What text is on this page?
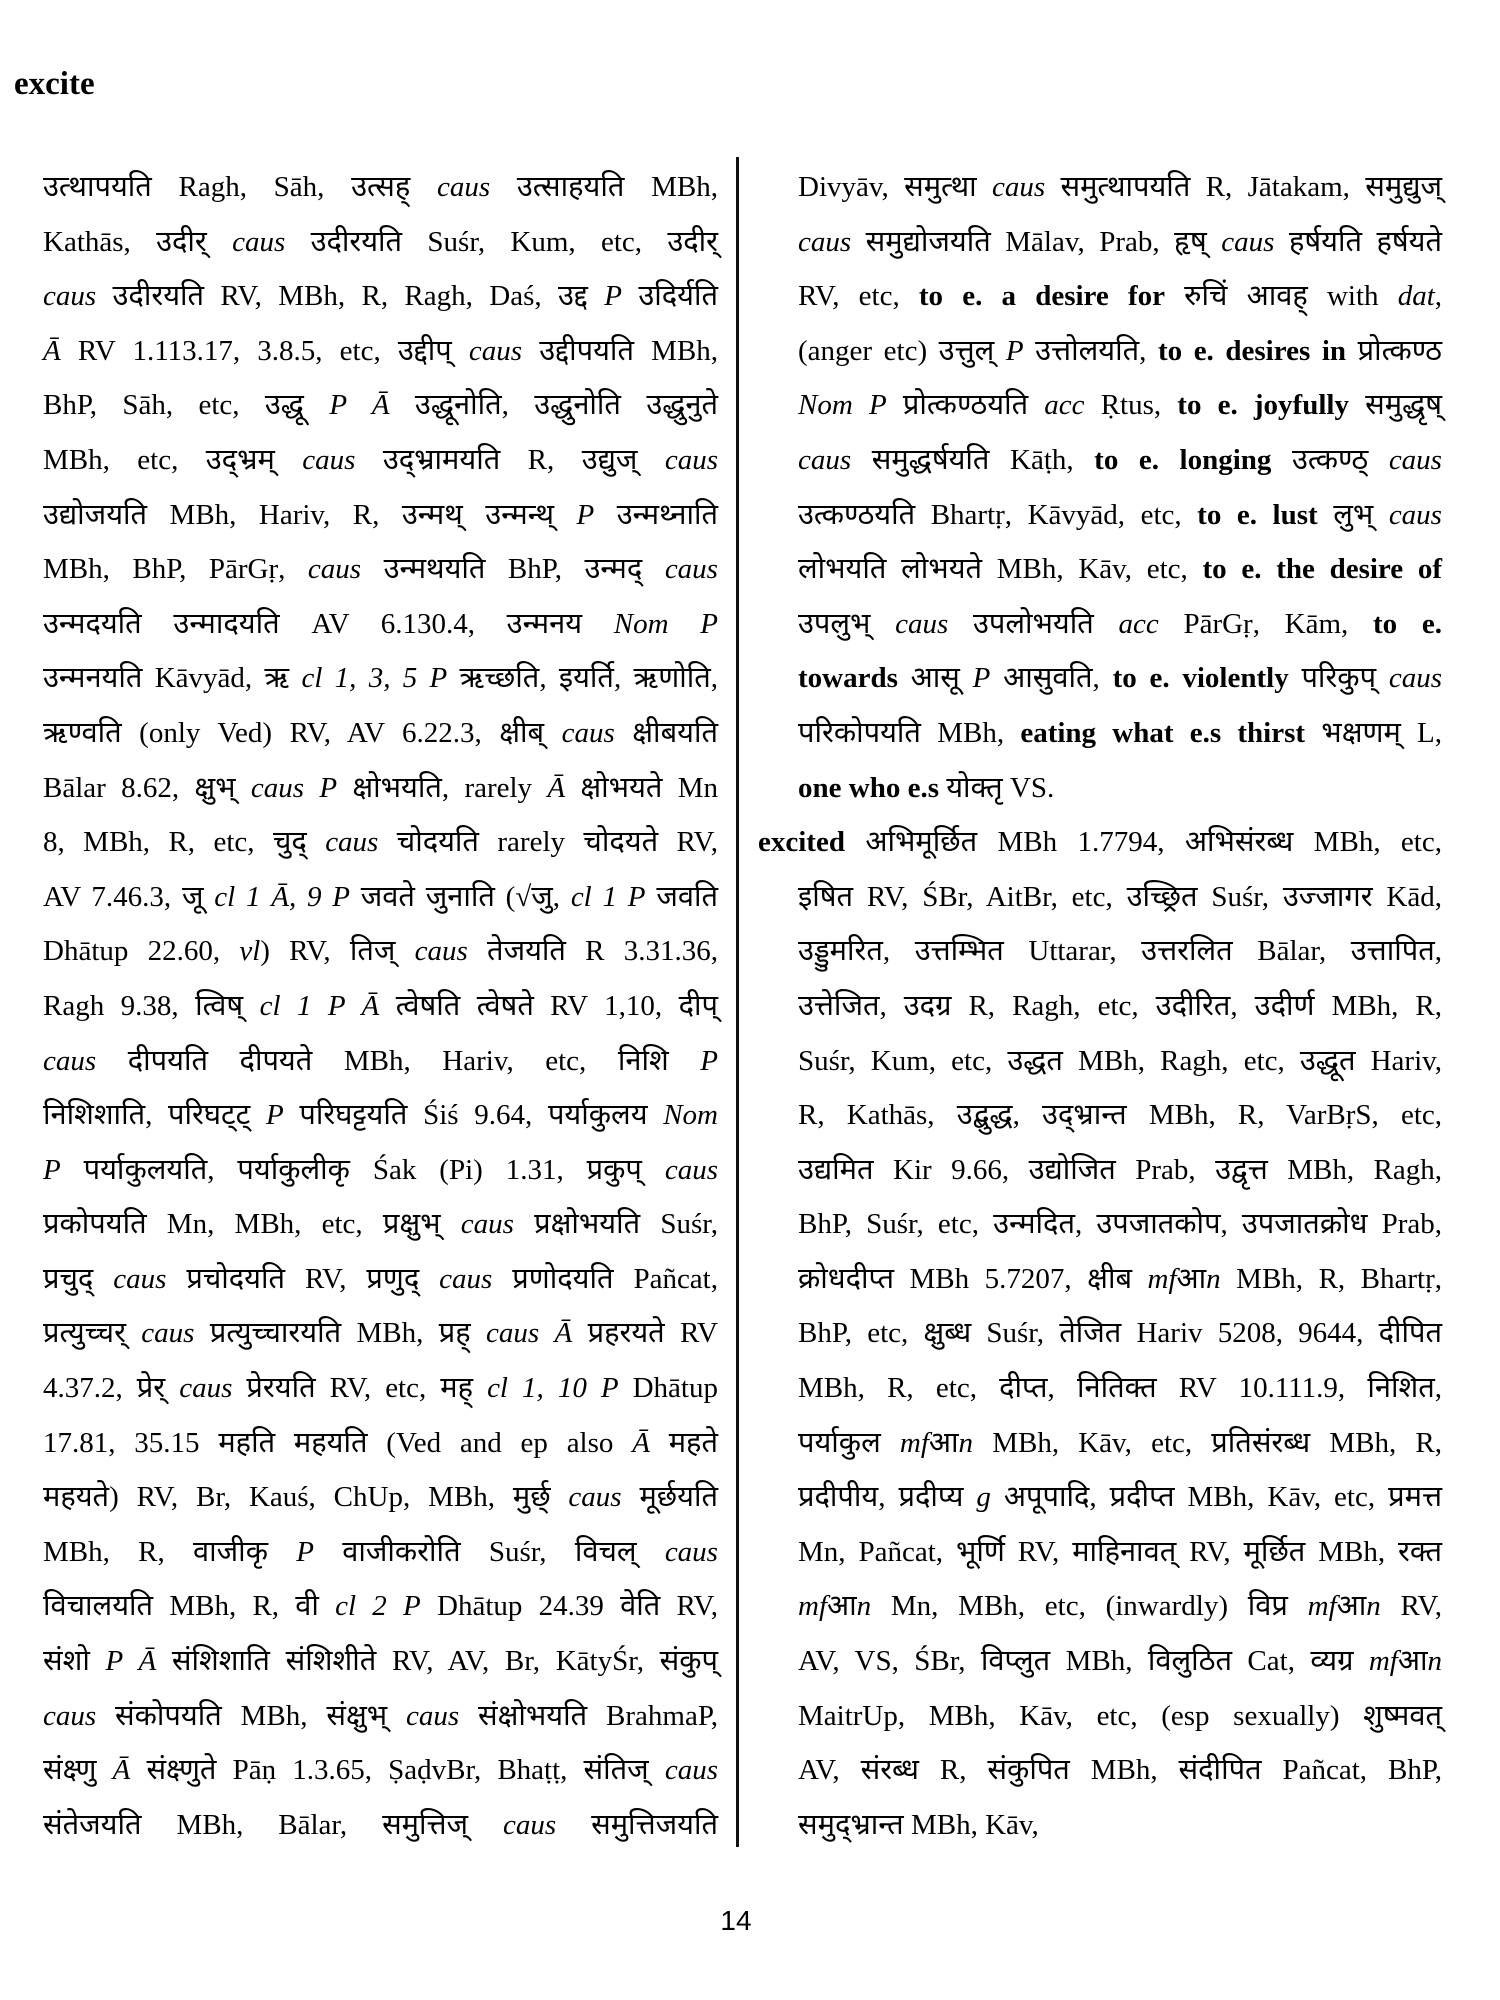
excite
उत्थापयति Ragh, Sāh, उत्सह् caus उत्साहयति MBh,
Kathās, उदीर् caus उदीरयति Suśr, Kum, etc, उदीर्
caus उदीरयति RV, MBh, R, Ragh, Daś, उद्द P उदिर्यति
Ā RV 1.113.17, 3.8.5, etc, उद्दीप् caus उद्दीपयति MBh,
BhP, Sāh, etc, उद्धू P Ā उद्धूनोति, उद्धुनोति उद्धुनुते
MBh, etc, उद्भ्रम् caus उद्भ्रामयति R, उद्युज् caus
उद्योजयति MBh, Hariv, R, उन्मथ् उन्मन्थ् P उन्मथ्नाति
MBh, BhP, PārGṛ, caus उन्मथयति BhP, उन्मद् caus
उन्मदयति उन्मादयति AV 6.130.4, उन्मनय Nom P
उन्मनयति Kāvyād, ऋ cl 1, 3, 5 P ऋच्छति, इयर्ति, ऋणोति,
ऋण्वति (only Ved) RV, AV 6.22.3, क्षीब् caus क्षीबयति
Bālar 8.62, क्षुभ् caus P क्षोभयति, rarely Ā क्षोभयते Mn
8, MBh, R, etc, चुद् caus चोदयति rarely चोदयते RV,
AV 7.46.3, जू cl 1 Ā, 9 P जवते जुनाति (√जु, cl 1 P जवति
Dhātup 22.60, vl) RV, तिज् caus तेजयति R 3.31.36,
Ragh 9.38, त्विष् cl 1 P Ā त्वेषति त्वेषते RV 1,10, दीप्
caus दीपयति दीपयते MBh, Hariv, etc, निशि P
निशिशाति, परिघट्ट् P परिघट्टयति Śiś 9.64, पर्याकुलय Nom
P पर्याकुलयति, पर्याकुलीकृ Śak (Pi) 1.31, प्रकुप् caus
प्रकोपयति Mn, MBh, etc, प्रक्षुभ् caus प्रक्षोभयति Suśr,
प्रचुद् caus प्रचोदयति RV, प्रणुद् caus प्रणोदयति Pañcat,
प्रत्युच्चर् caus प्रत्युच्चारयति MBh, प्रह् caus Ā प्रहरयते RV
4.37.2, प्रेर् caus प्रेरयति RV, etc, मह् cl 1, 10 P Dhātup
17.81, 35.15 महति महयति (Ved and ep also Ā महते
महयते) RV, Br, Kauś, ChUp, MBh, मुर्छ् caus मूर्छयति
MBh, R, वाजीकृ P वाजीकरोति Suśr, विचल् caus
विचालयति MBh, R, वी cl 2 P Dhātup 24.39 वेति RV,
संशो P Ā संशिशाति संशिशीते RV, AV, Br, KātyŚr, संकुप्
caus संकोपयति MBh, संक्षुभ् caus संक्षोभयति BrahmaP,
संक्ष्णु Ā संक्ष्णुते Pāṇ 1.3.65, ṢaḍvBr, Bhaṭṭ, संतिज् caus
संतेजयति MBh, Bālar, समुत्तिज् caus समुत्तिजयति
Divyāv, समुत्था caus समुत्थापयति R, Jātakam, समुद्युज्
caus समुद्योजयति Mālav, Prab, हृष् caus हर्षयति हर्षयते
RV, etc, to e. a desire for रुचिं आवह् with dat,
(anger etc) उत्तुल् P उत्तोलयति, to e. desires in प्रोत्कण्ठ
Nom P प्रोत्कण्ठयति acc Ṛtus, to e. joyfully समुद्धृष्
caus समुद्धर्षयति Kāṭh, to e. longing उत्कण्ठ् caus
उत्कण्ठयति Bhartṛ, Kāvyād, etc, to e. lust लुभ् caus
लोभयति लोभयते MBh, Kāv, etc, to e. the desire of
उपलुभ् caus उपलोभयति acc PārGṛ, Kām, to e.
towards आसू P आसुवति, to e. violently परिकुप् caus
परिकोपयति MBh, eating what e.s thirst भक्षणम् L,
one who e.s योक्तृ VS.
excited अभिमूर्छित MBh 1.7794, अभिसंरब्ध MBh, etc,
इषित RV, ŚBr, AitBr, etc, उच्छ्रित Suśr, उज्जागर Kād,
उड्डुमरित, उत्तम्भित Uttarar, उत्तरलित Bālar, उत्तापित,
उत्तेजित, उदग्र R, Ragh, etc, उदीरित, उदीर्ण MBh, R,
Suśr, Kum, etc, उद्धत MBh, Ragh, etc, उद्धूत Hariv,
R, Kathās, उद्बुद्ध, उद्भ्रान्त MBh, R, VarBṛS, etc,
उद्यमित Kir 9.66, उद्योजित Prab, उद्वृत्त MBh, Ragh,
BhP, Suśr, etc, उन्मदित, उपजातकोप, उपजातक्रोध Prab,
क्रोधदीप्त MBh 5.7207, क्षीब mfआn MBh, R, Bhartṛ,
BhP, etc, क्षुब्ध Suśr, तेजित Hariv 5208, 9644, दीपित
MBh, R, etc, दीप्त, नितिक्त RV 10.111.9, निशित,
पर्याकुल mfआn MBh, Kāv, etc, प्रतिसंरब्ध MBh, R,
प्रदीपीय, प्रदीप्य g अपूपादि, प्रदीप्त MBh, Kāv, etc, प्रमत्त
Mn, Pañcat, भूर्णि RV, माहिनावत् RV, मूर्छित MBh, रक्त
mfआn Mn, MBh, etc, (inwardly) विप्र mfआn RV,
AV, VS, ŚBr, विप्लुत MBh, विलुठित Cat, व्यग्र mfआn
MaitrUp, MBh, Kāv, etc, (esp sexually) शुष्मवत्
AV, संरब्ध R, संकुपित MBh, संदीपित Pañcat, BhP,
समुद्भ्रान्त MBh, Kāv,
14
